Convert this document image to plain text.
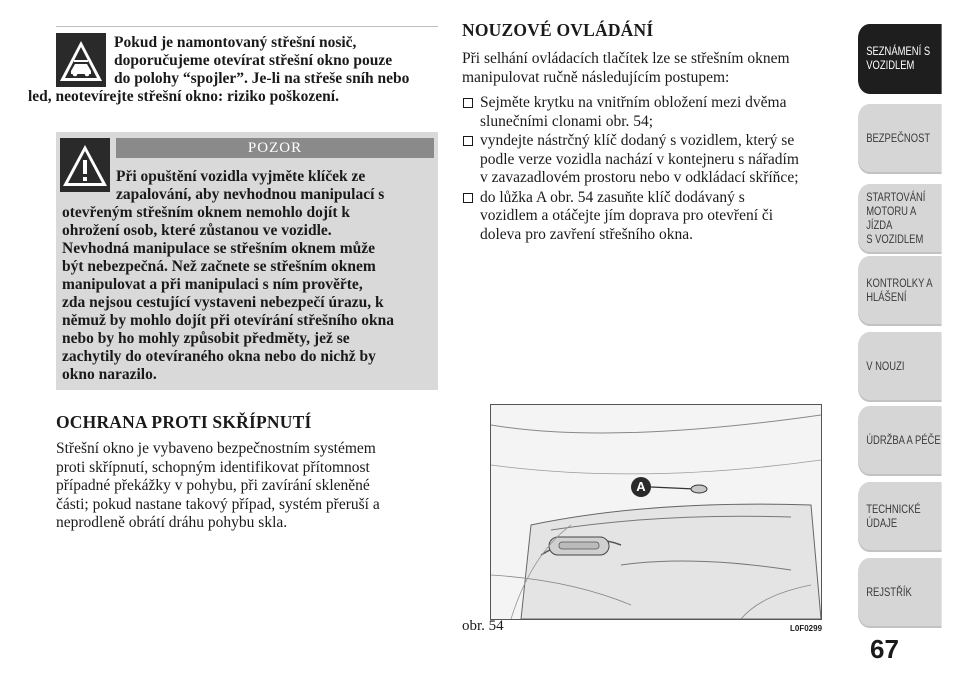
Pokud je namontovaný střešní nosič,
doporučujeme otevírat střešní okno pouze
do polohy “spojler”. Je-li na střeše sníh nebo
led, neotevírejte střešní okno: riziko poškození.
POZOR
Při opuštění vozidla vyjměte klíček ze
zapalování, aby nevhodnou manipulací s
otevřeným střešním oknem nemohlo dojít k
ohrožení osob, které zůstanou ve vozidle.
Nevhodná manipulace se střešním oknem může
být nebezpečná. Než začnete se střešním oknem
manipulovat a při manipulaci s ním prověřte,
zda nejsou cestující vystaveni nebezpečí úrazu, k
němuž by mohlo dojít při otevírání střešního okna
nebo by ho mohly způsobit předměty, jež se
zachytily do otevíraného okna nebo do nichž by
okno narazilo.
OCHRANA PROTI SKŘÍPNUTÍ
Střešní okno je vybaveno bezpečnostním systémem
proti skřípnutí, schopným identifikovat přítomnost
případné překážky v pohybu, při zavírání skleněné
části; pokud nastane takový případ, systém přeruší a
neprodleně obrátí dráhu pohybu skla.
NOUZOVÉ OVLÁDÁNÍ
Při selhání ovládacích tlačítek lze se střešním oknem
manipulovat ručně následujícím postupem:
Sejměte krytku na vnitřním obložení mezi dvěma
slunečními clonami obr. 54;
vyndejte nástrčný klíč dodaný s vozidlem, který se
podle verze vozidla nachází v kontejneru s nářadím
v zavazadlovém prostoru nebo v odkládací skříňce;
do lůžka A obr. 54 zasuňte klíč dodávaný s
vozidlem a otáčejte jím doprava pro otevření či
doleva pro zavření střešního okna.
A
obr. 54	L0F0299
SEZNÁMENÍ S
VOZIDLEM
BEZPEČNOST
STARTOVÁNÍ
MOTORU A JÍZDA
S VOZIDLEM
KONTROLKY A
HLÁŠENÍ
V NOUZI
ÚDRŽBA A PÉČE
TECHNICKÉ
ÚDAJE
REJSTŘÍK
67
